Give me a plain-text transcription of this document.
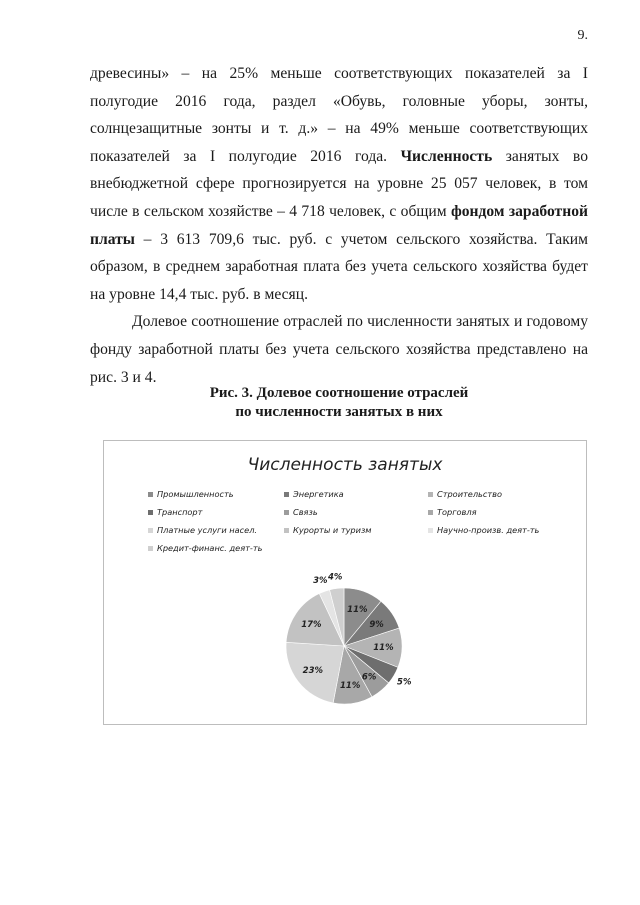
9.

древесины» – на 25% меньше соответствующих показателей за I полугодие 2016 года, раздел «Обувь, головные уборы, зонты, солнцезащитные зонты и т. д.» – на 49% меньше соответствующих показателей за I полугодие 2016 года. Численность занятых во внебюджетной сфере прогнозируется на уровне 25 057 человек, в том числе в сельском хозяйстве – 4 718 человек, с общим фондом заработной платы – 3 613 709,6 тыс. руб. с учетом сельского хозяйства. Таким образом, в среднем заработная плата без учета сельского хозяйства будет на уровне 14,4 тыс. руб. в месяц.

Долевое соотношение отраслей по численности занятых и годовому фонду заработной платы без учета сельского хозяйства представлено на рис. 3 и 4.

Рис. 3. Долевое соотношение отраслей
по численности занятых в них
Численность занятых
Промышленность	Энергетика	Строительство
Транспорт	Связь	Торговля
Платные услуги насел.	Курорты и туризм	Научно-произв. деят-ть
Кредит-финанс. деят-ть
11%
9%
11%
5%
6%
11%
23%
17%
3% 4%
